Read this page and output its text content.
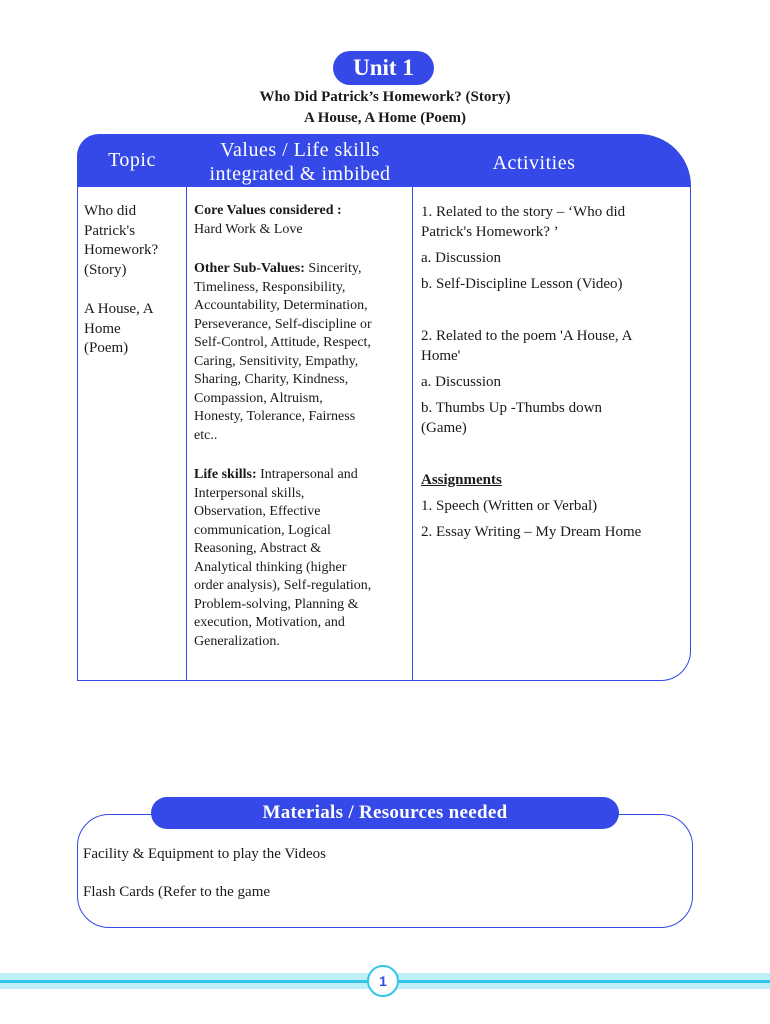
Unit 1
Who Did Patrick’s Homework? (Story)
A House, A Home (Poem)
Topic	Values / Life skills
integrated & imbibed	Activities

Who did

Patrick's

Homework?

(Story)

A House, A

Home

(Poem)

Core Values considered :

Hard Work & Love

Other Sub-Values: Sincerity,

Timeliness, Responsibility,

Accountability, Determination,

Perseverance, Self-discipline or

Self-Control, Attitude, Respect,

Caring, Sensitivity, Empathy,

Sharing, Charity, Kindness,

Compassion, Altruism,

Honesty, Tolerance, Fairness

etc..

Life skills: Intrapersonal and

Interpersonal skills,

Observation, Effective

communication, Logical

Reasoning, Abstract &

Analytical thinking (higher

order analysis), Self-regulation,

Problem-solving, Planning &

execution, Motivation, and

Generalization.

1. Related to the story – ‘Who did

Patrick's Homework? ’

a. Discussion

b. Self-Discipline Lesson (Video)

2. Related to the poem 'A House, A

Home'

a. Discussion

b. Thumbs Up -Thumbs down

(Game)

Assignments

1. Speech (Written or Verbal)

2. Essay Writing – My Dream Home

Materials / Resources needed
Facility & Equipment to play the Videos
Flash Cards (Refer to the game
1
